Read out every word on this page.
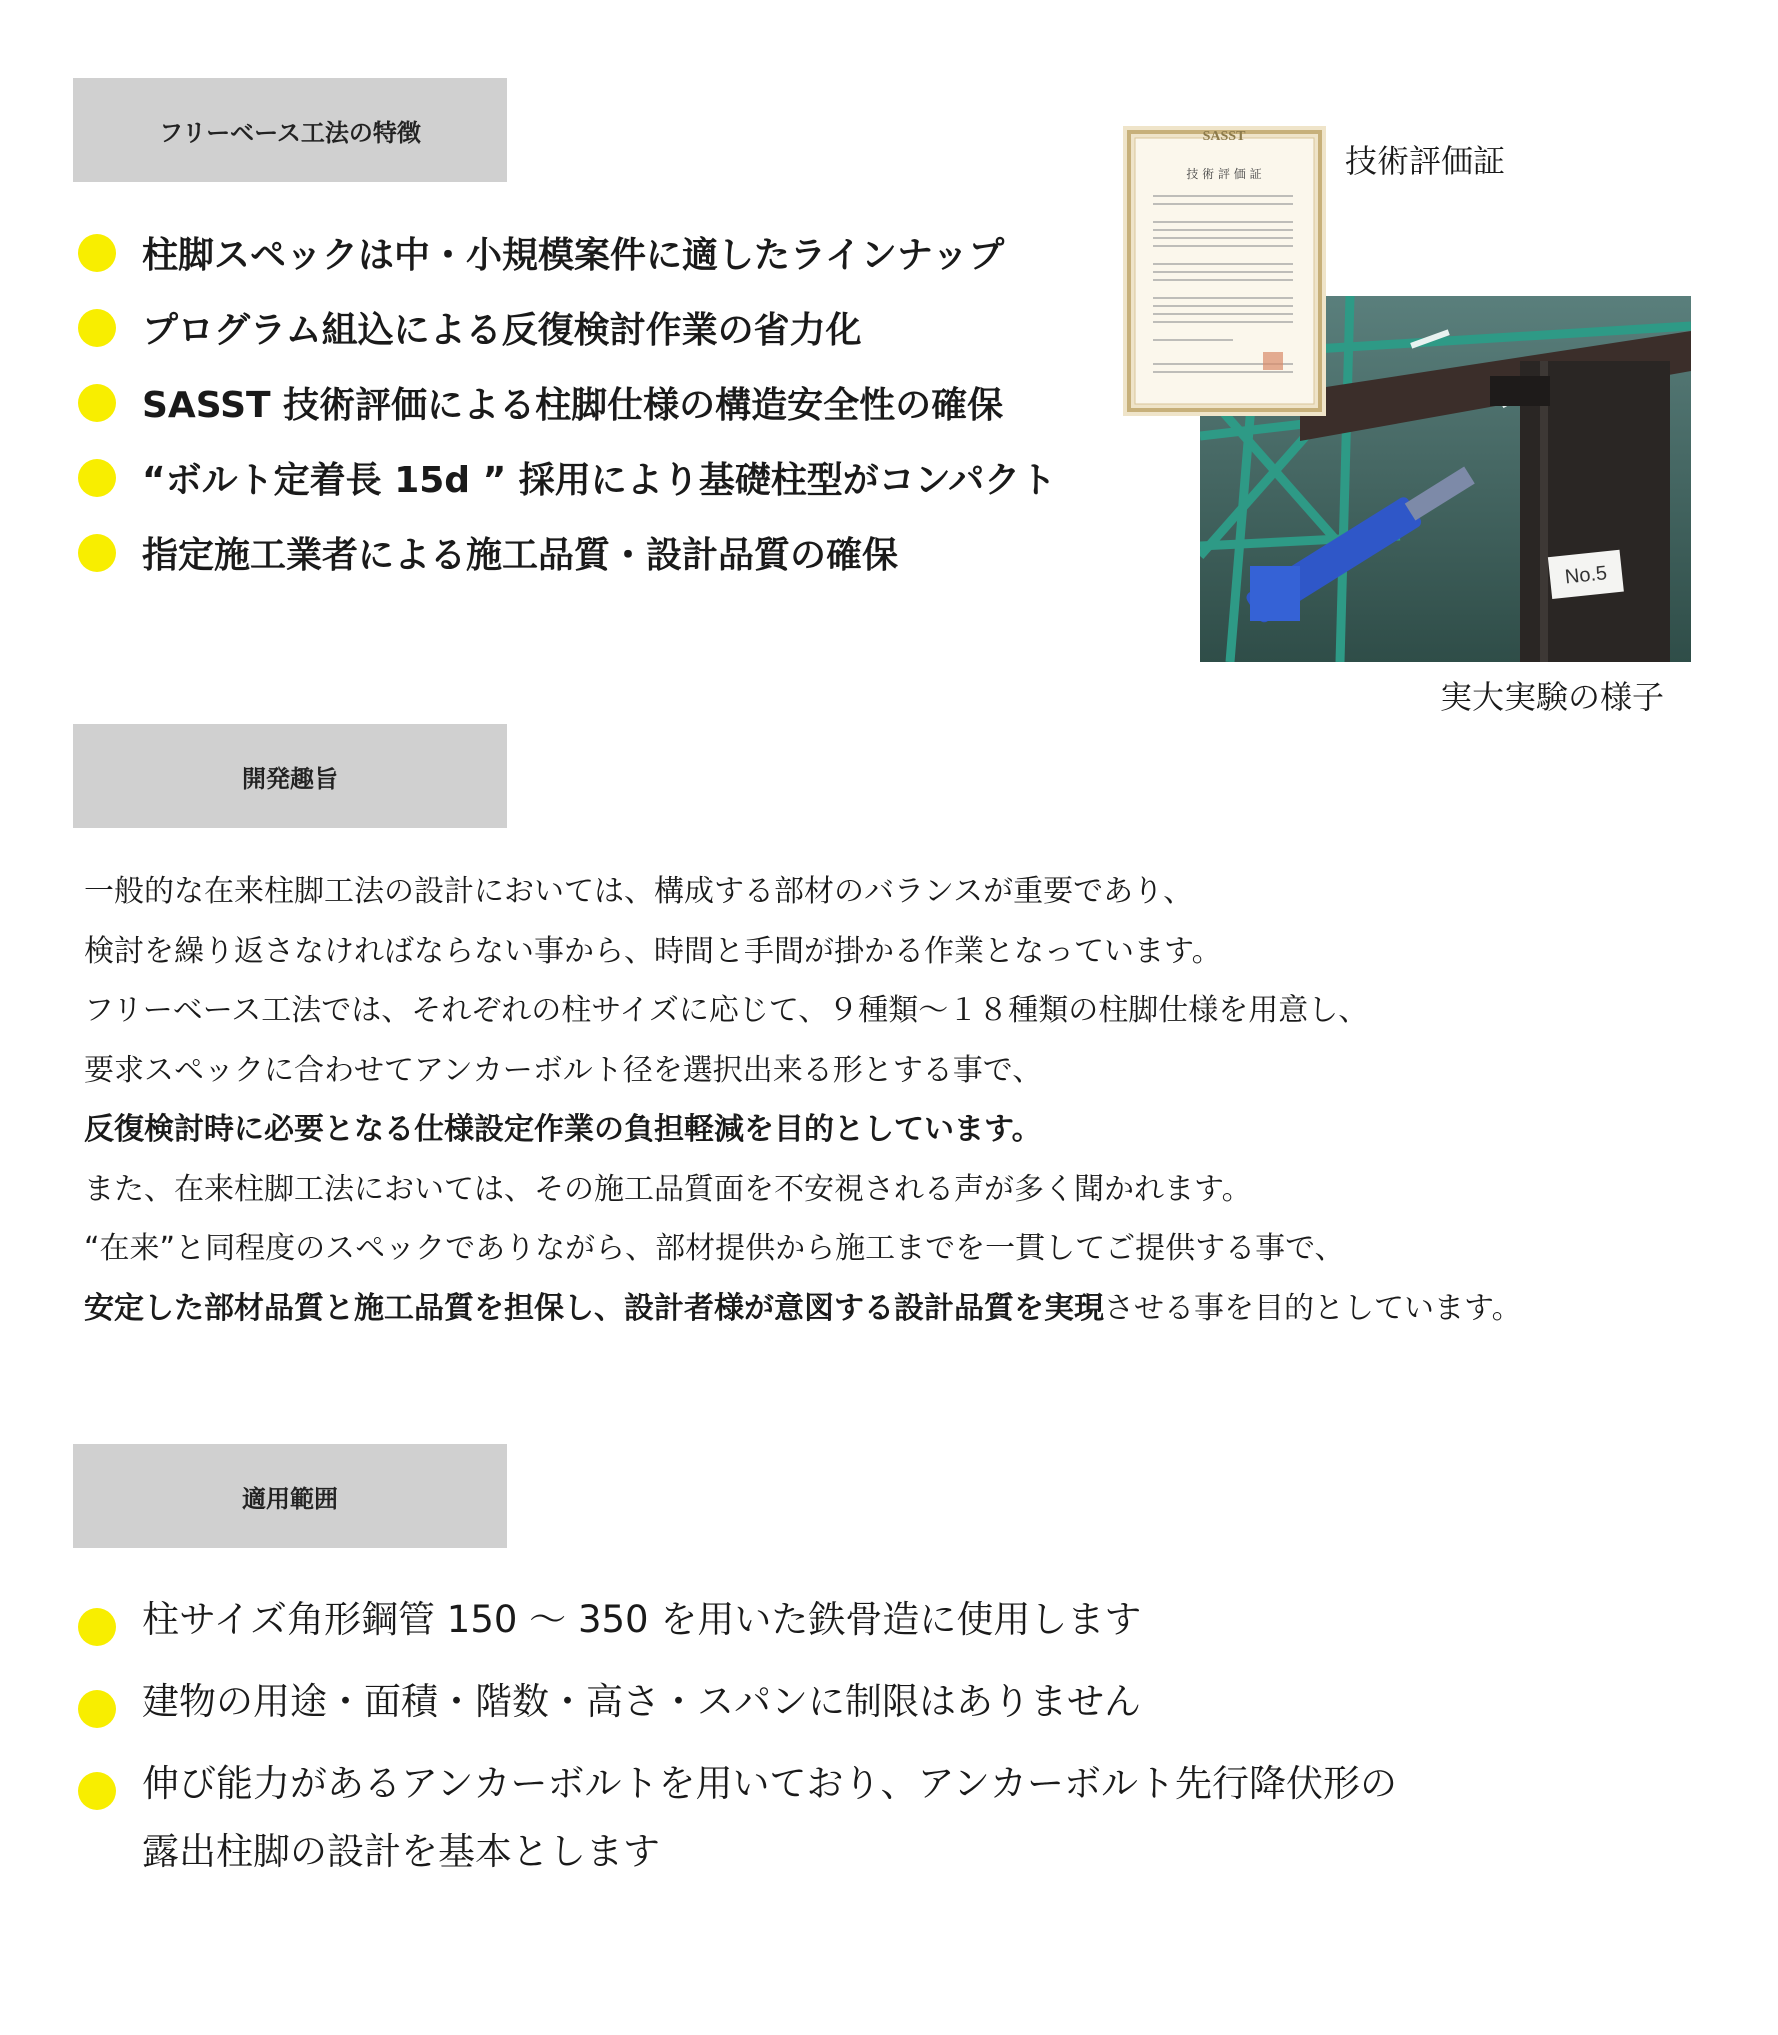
フリーベース工法の特徴
柱脚スペックは中・小規模案件に適したラインナップ
プログラム組込による反復検討作業の省力化
SASST 技術評価による柱脚仕様の構造安全性の確保
“ボルト定着長 15d ” 採用により基礎柱型がコンパクト
指定施工業者による施工品質・設計品質の確保	No.5
SASST
技 術 評 価 証	技術評価証
実大実験の様子
開発趣旨
一般的な在来柱脚工法の設計においては、構成する部材のバランスが重要であり、
検討を繰り返さなければならない事から、時間と手間が掛かる作業となっています。
フリーベース工法では、それぞれの柱サイズに応じて、９種類～１８種類の柱脚仕様を用意し、
要求スペックに合わせてアンカーボルト径を選択出来る形とする事で、
反復検討時に必要となる仕様設定作業の負担軽減を目的としています。
また、在来柱脚工法においては、その施工品質面を不安視される声が多く聞かれます。
“在来”と同程度のスペックでありながら、部材提供から施工までを一貫してご提供する事で、
安定した部材品質と施工品質を担保し、設計者様が意図する設計品質を実現させる事を目的としています。
適用範囲
柱サイズ角形鋼管 150 ～ 350 を用いた鉄骨造に使用します
建物の用途・面積・階数・高さ・スパンに制限はありません
伸び能力があるアンカーボルトを用いており、アンカーボルト先行降伏形の
露出柱脚の設計を基本とします
